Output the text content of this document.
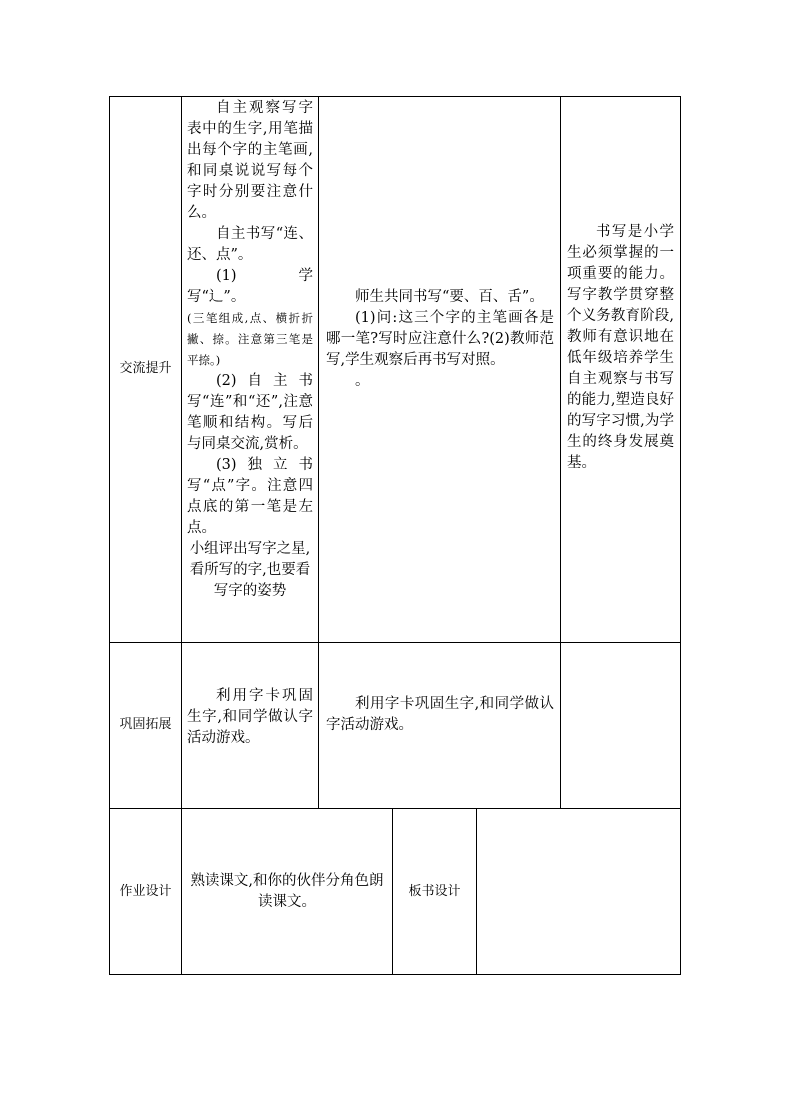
交流提升

自主观察写字表中的生字,用笔描出每个字的主笔画,和同桌说说写每个字时分别要注意什么。

自主书写“连、还、点”。

(1)　学写“辶”。

(三笔组成,点、横折折撇、捺。注意第三笔是平捺。)

(2)自主书写“连”和“还”,注意笔顺和结构。写后与同桌交流,赏析。

(3)独立书写“点”字。注意四点底的第一笔是左点。

小组评出写字之星,看所写的字,也要看写字的姿势

师生共同书写“要、百、舌”。

(1)问:这三个字的主笔画各是哪一笔?写时应注意什么?(2)教师范写,学生观察后再书写对照。

。

书写是小学生必须掌握的一项重要的能力。写字教学贯穿整个义务教育阶段,教师有意识地在低年级培养学生自主观察与书写的能力,塑造良好的写字习惯,为学生的终身发展奠基。

巩固拓展

利用字卡巩固生字,和同学做认字活动游戏。

利用字卡巩固生字,和同学做认字活动游戏。

作业设计

熟读课文,和你的伙伴分角色朗读课文。

板书设计
